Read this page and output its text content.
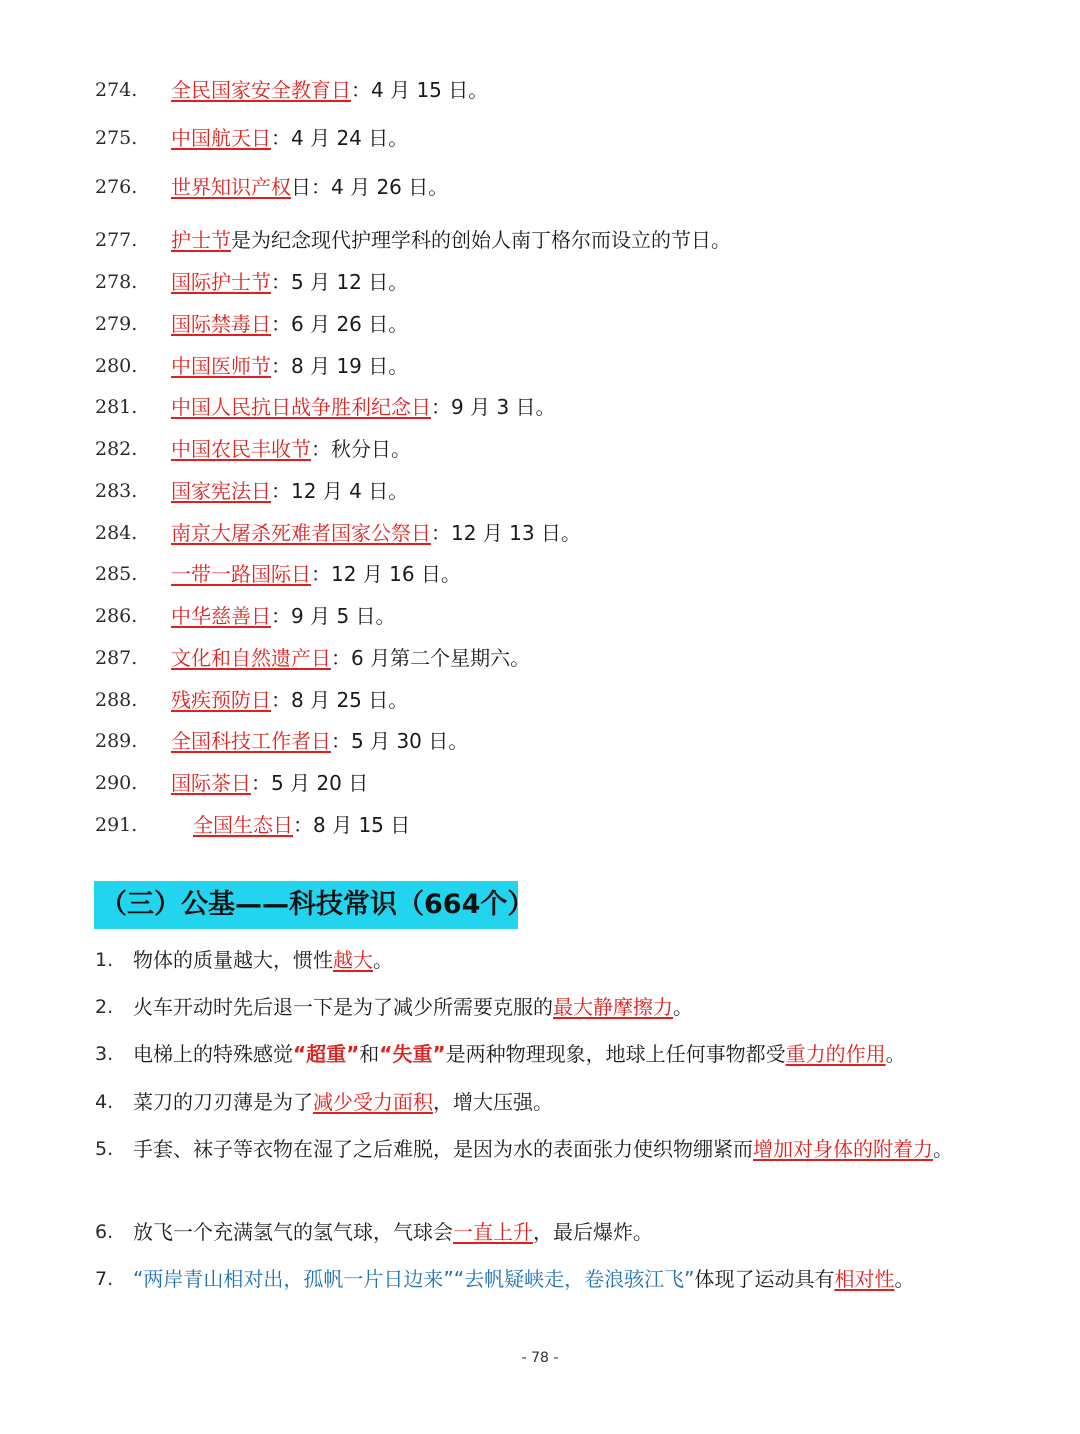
274. 全民国家安全教育日：4 月 15 日。
275. 中国航天日：4 月 24 日。
276. 世界知识产权日：4 月 26 日。
277. 护士节是为纪念现代护理学科的创始人南丁格尔而设立的节日。
278. 国际护士节：5 月 12 日。
279. 国际禁毒日：6 月 26 日。
280. 中国医师节：8 月 19 日。
281. 中国人民抗日战争胜利纪念日：9 月 3 日。
282. 中国农民丰收节：秋分日。
283. 国家宪法日：12 月 4 日。
284. 南京大屠杀死难者国家公祭日：12 月 13 日。
285. 一带一路国际日：12 月 16 日。
286. 中华慈善日：9 月 5 日。
287. 文化和自然遗产日：6 月第二个星期六。
288. 残疾预防日：8 月 25 日。
289. 全国科技工作者日：5 月 30 日。
290. 国际茶日：5 月 20 日
291.	全国生态日：8 月 15 日
（三）公基——科技常识（664个）
1. 物体的质量越大，惯性越大。
2. 火车开动时先后退一下是为了减少所需要克服的最大静摩擦力。
3. 电梯上的特殊感觉“超重”和“失重”是两种物理现象，地球上任何事物都受重力的作用。
4. 菜刀的刀刃薄是为了减少受力面积，增大压强。
5. 手套、袜子等衣物在湿了之后难脱，是因为水的表面张力使织物绷紧而增加对身体的附着力。
6. 放飞一个充满氢气的氢气球，气球会一直上升，最后爆炸。
7. “两岸青山相对出，孤帆一片日边来”“去帆疑峡走，卷浪骇江飞”体现了运动具有相对性。
- 78 -
